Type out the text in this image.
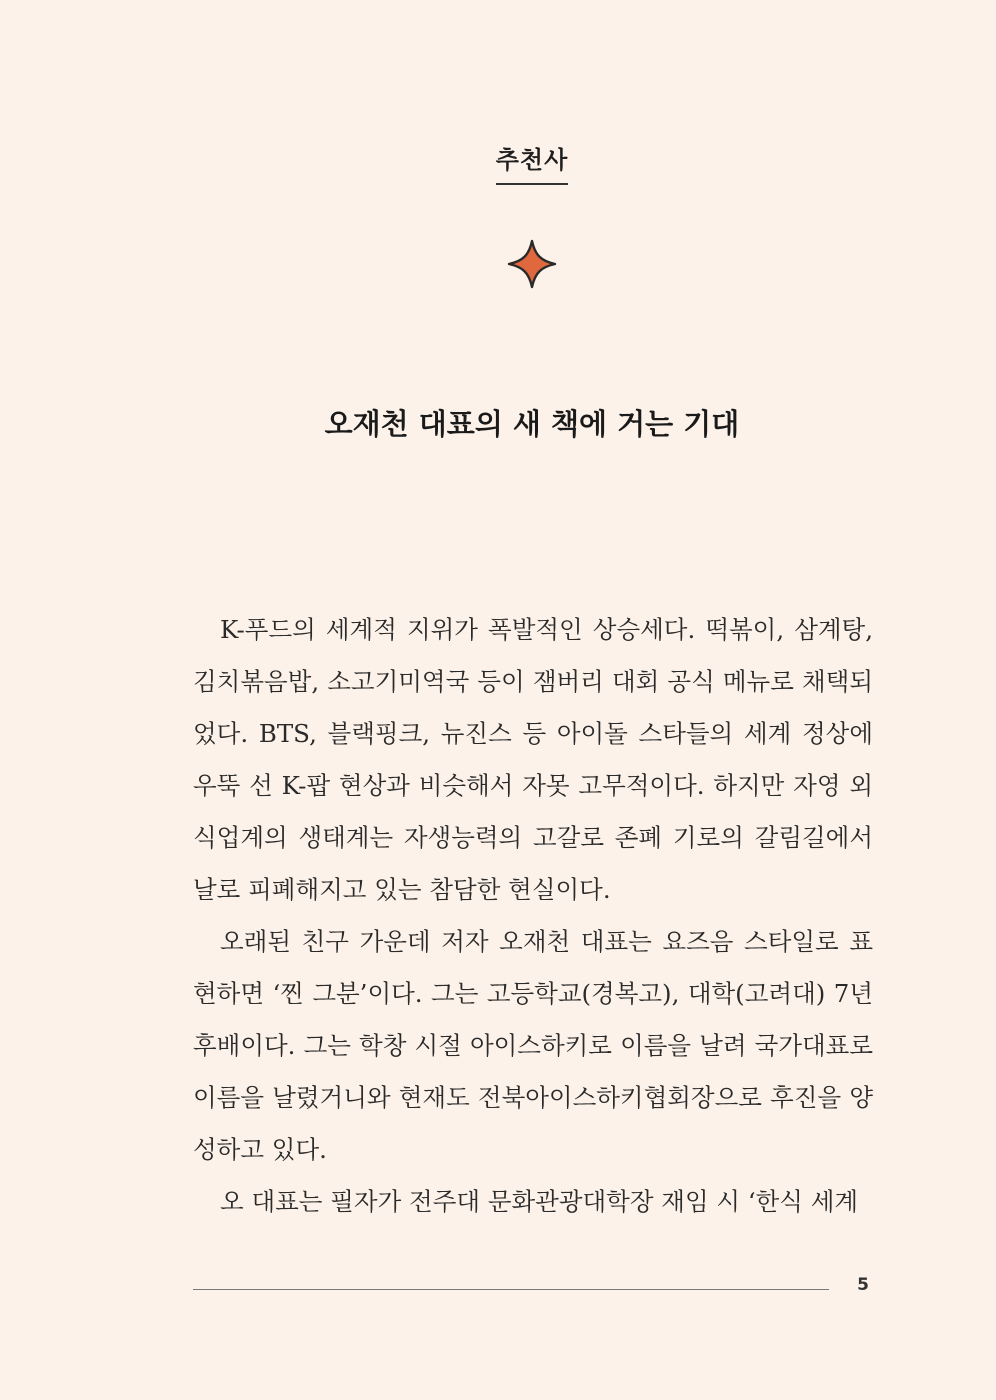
추천사
오재천 대표의 새 책에 거는 기대

K-푸드의 세계적 지위가 폭발적인 상승세다. 떡볶이, 삼계탕, 김치볶음밥, 소고기미역국 등이 잼버리 대회 공식 메뉴로 채택되었다. BTS, 블랙핑크, 뉴진스 등 아이돌 스타들의 세계 정상에 우뚝 선 K-팝 현상과 비슷해서 자못 고무적이다. 하지만 자영 외식업계의 생태계는 자생능력의 고갈로 존폐 기로의 갈림길에서 날로 피폐해지고 있는 참담한 현실이다.

오래된 친구 가운데 저자 오재천 대표는 요즈음 스타일로 표현하면 ‘찐 그분’이다. 그는 고등학교(경복고), 대학(고려대) 7년 후배이다. 그는 학창 시절 아이스하키로 이름을 날려 국가대표로 이름을 날렸거니와 현재도 전북아이스하키협회장으로 후진을 양성하고 있다.

오 대표는 필자가 전주대 문화관광대학장 재임 시 ‘한식 세계

5
